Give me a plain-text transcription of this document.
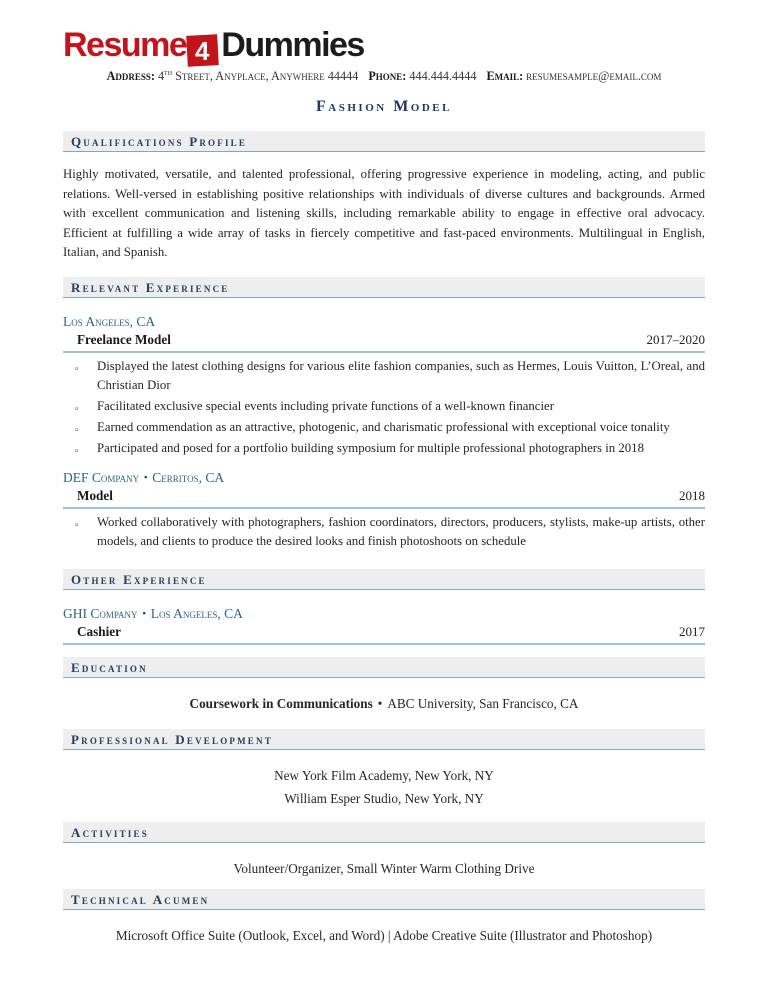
Resume 4 Dummies
Address: 4th Street, Anyplace, Anywhere 44444 Phone: 444.444.4444 Email: resumesample@email.com
Fashion Model
Qualifications Profile

Highly motivated, versatile, and talented professional, offering progressive experience in modeling, acting, and public relations. Well-versed in establishing positive relationships with individuals of diverse cultures and backgrounds. Armed with excellent communication and listening skills, including remarkable ability to engage in effective oral advocacy. Efficient at fulfilling a wide array of tasks in fiercely competitive and fast-paced environments. Multilingual in English, Italian, and Spanish.

Relevant Experience
Los Angeles, CA
Freelance Model	2017–2020
▫ Displayed the latest clothing designs for various elite fashion companies, such as Hermes, Louis Vuitton, L’Oreal, and Christian Dior
▫ Facilitated exclusive special events including private functions of a well-known financier
▫ Earned commendation as an attractive, photogenic, and charismatic professional with exceptional voice tonality
▫ Participated and posed for a portfolio building symposium for multiple professional photographers in 2018
DEF Company ▪ Cerritos, CA
Model	2018
▫ Worked collaboratively with photographers, fashion coordinators, directors, producers, stylists, make-up artists, other models, and clients to produce the desired looks and finish photoshoots on schedule
Other Experience
GHI Company ▪ Los Angeles, CA
Cashier	2017
Education

Coursework in Communications • ABC University, San Francisco, CA

Professional Development

New York Film Academy, New York, NY

William Esper Studio, New York, NY

Activities

Volunteer/Organizer, Small Winter Warm Clothing Drive

Technical Acumen

Microsoft Office Suite (Outlook, Excel, and Word) | Adobe Creative Suite (Illustrator and Photoshop)
